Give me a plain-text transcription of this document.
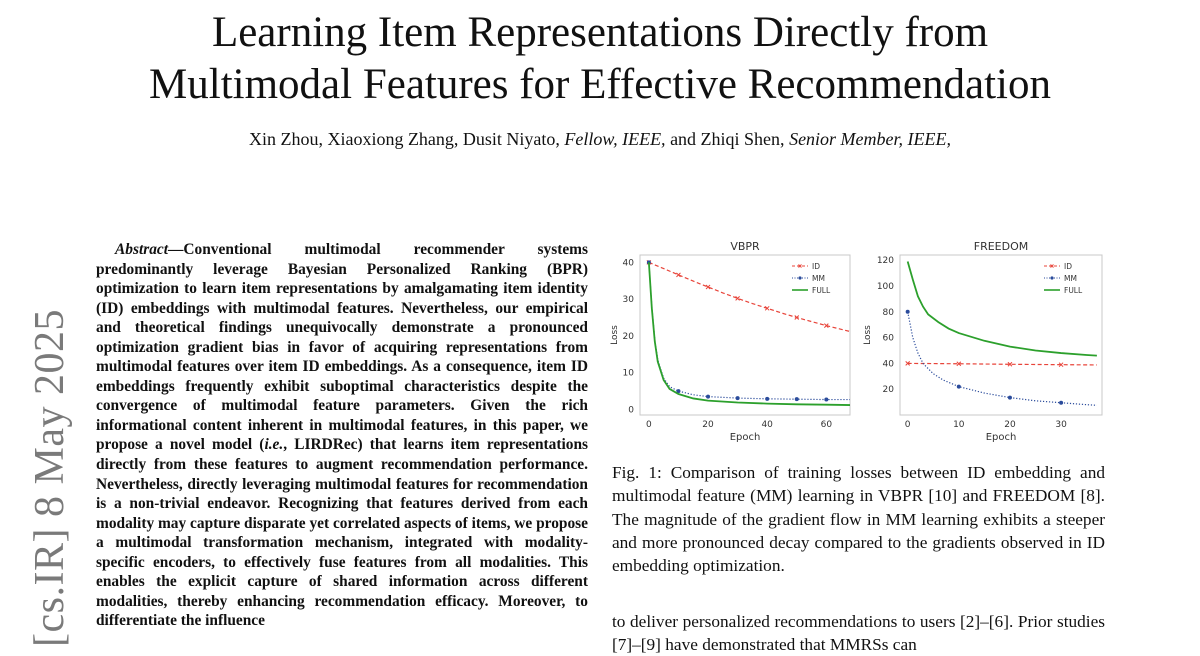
Learning Item Representations Directly from
Multimodal Features for Effective Recommendation
Xin Zhou, Xiaoxiong Zhang, Dusit Niyato, Fellow, IEEE, and Zhiqi Shen, Senior Member, IEEE,
[cs.IR] 8 May 2025

Abstract—Conventional multimodal recommender systems predominantly leverage Bayesian Personalized Ranking (BPR) optimization to learn item representations by amalgamating item identity (ID) embeddings with multimodal features. Nevertheless, our empirical and theoretical findings unequivocally demonstrate a pronounced optimization gradient bias in favor of acquiring representations from multimodal features over item ID embeddings. As a consequence, item ID embeddings frequently exhibit suboptimal characteristics despite the convergence of multimodal feature parameters. Given the rich informational content inherent in multimodal features, in this paper, we propose a novel model (i.e., LIRDRec) that learns item representations directly from these features to augment recommendation performance. Nevertheless, directly leveraging multimodal features for recommendation is a non-trivial endeavor. Recognizing that features derived from each modality may capture disparate yet correlated aspects of items, we propose a multimodal transformation mechanism, integrated with modality-specific encoders, to effectively fuse features from all modalities. This enables the explicit capture of shared information across different modalities, thereby enhancing recommendation efficacy. Moreover, to differentiate the influence

VBPR
0	20	40	60
0
10
20
30
40
Epoch
Loss
ID
MM
FULL
FREEDOM
0	10	20	30
20
40
60
80
100
120
Epoch
Loss
ID
MM
FULL
Fig. 1: Comparison of training losses between ID embedding and multimodal feature (MM) learning in VBPR [10] and FREEDOM [8]. The magnitude of the gradient flow in MM learning exhibits a steeper and more pronounced decay compared to the gradients observed in ID embedding optimization.
to deliver personalized recommendations to users [2]–[6]. Prior studies [7]–[9] have demonstrated that MMRSs can
